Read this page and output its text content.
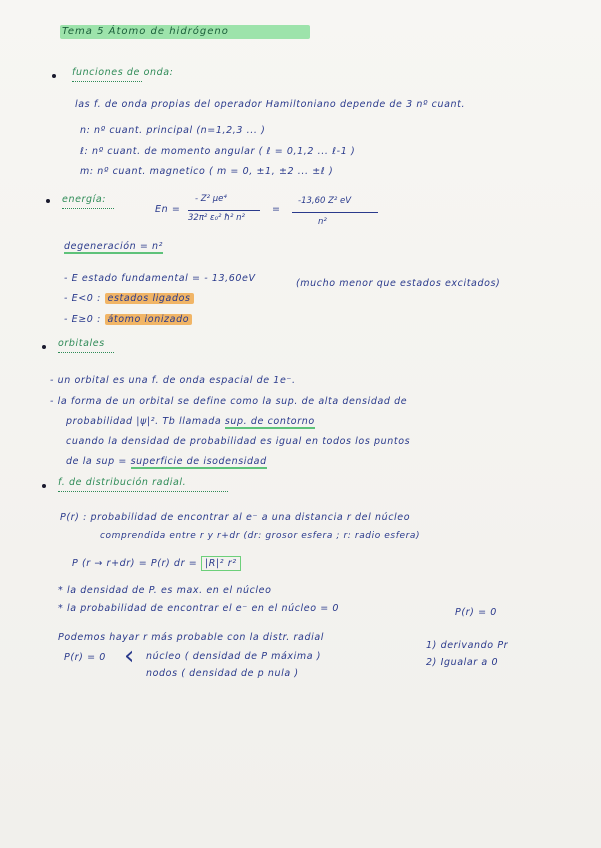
Tema 5 Átomo de hidrógeno
funciones de onda:
las f. de onda propias del operador Hamiltoniano depende de 3 nº cuant.
n: nº cuant. principal (n=1,2,3 ... )
ℓ: nº cuant. de momento angular ( ℓ = 0,1,2 ... ℓ-1 )
m: nº cuant. magnetico ( m = 0, ±1, ±2 ... ±ℓ )
energía:
En =
- Z² μe⁴
32π² ε₀² ħ² n²
=
-13,60 Z² eV
n²
degeneración = n²
- E estado fundamental = - 13,60eV	(mucho menor que estados excitados)
- E<0 : estados ligados
- E≥0 : átomo ionizado
orbitales
- un orbital es una f. de onda espacial de 1e⁻.
- la forma de un orbital se define como la sup. de alta densidad de
probabilidad |ψ|². Tb llamada sup. de contorno
cuando la densidad de probabilidad es igual en todos los puntos
de la sup = superficie de isodensidad
f. de distribución radial.
P(r) : probabilidad de encontrar al e⁻ a una distancia r del núcleo
comprendida entre r y r+dr (dr: grosor esfera ; r: radio esfera)
P (r → r+dr) = P(r) dr = |R|² r²
* la densidad de P. es max. en el núcleo
* la probabilidad de encontrar el e⁻ en el núcleo = 0	P(r) = 0
Podemos hayar r más probable con la distr. radial
1) derivando Pr
2) Igualar a 0
P(r) = 0 ‹ núcleo ( densidad de P máxima )
nodos ( densidad de p nula )
